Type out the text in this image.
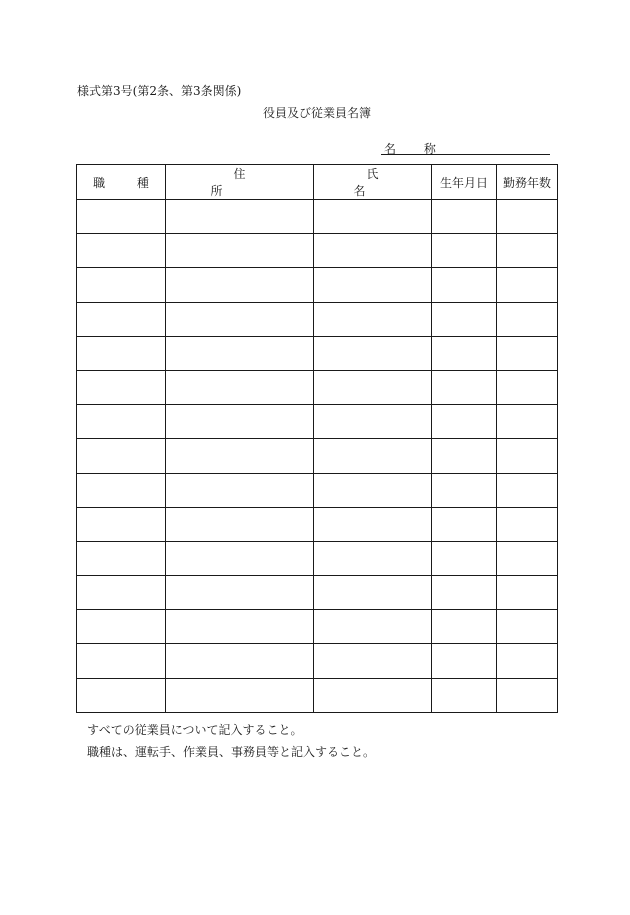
様式第3号(第2条、第3条関係)
役員及び従業員名簿
名 称
職 種	住 所	氏 名	生年月日	勤務年数

すべての従業員について記入すること。
職種は、運転手、作業員、事務員等と記入すること。
